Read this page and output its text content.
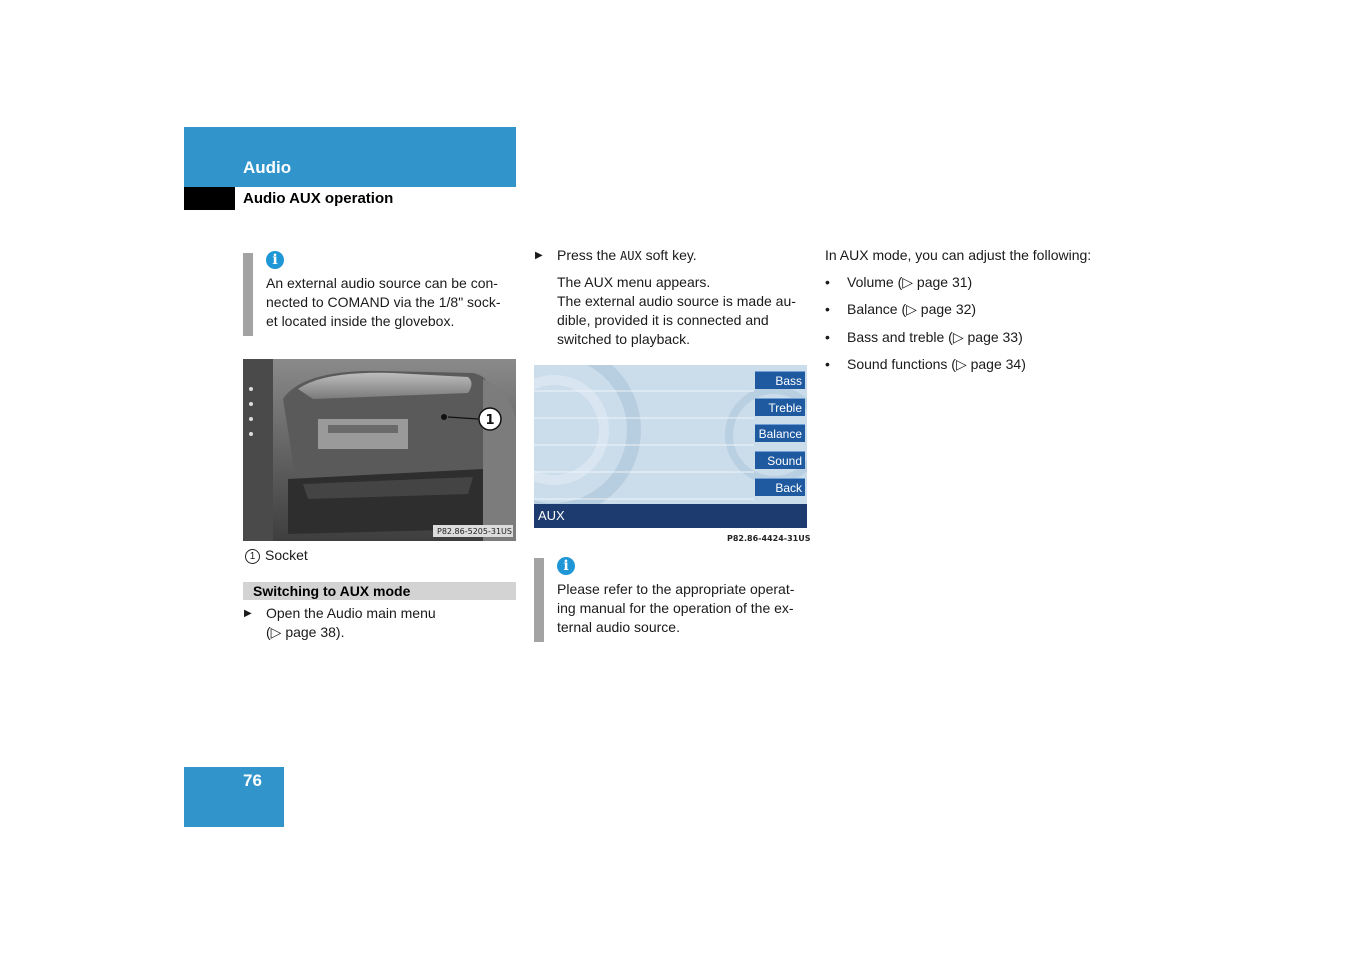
Audio
Audio AUX operation
i
An external audio source can be con-
nected to COMAND via the 1/8" sock-
et located inside the glovebox.
1
P82.86-5205-31US
1 Socket
Switching to AUX mode
▶ Open the Audio main menu
(▷ page 38).
▶ Press the AUX soft key.
The AUX menu appears.
The external audio source is made au-
dible, provided it is connected and
switched to playback.
Bass
Treble
Balance
Sound
Back
AUX
P82.86-4424-31US
i
Please refer to the appropriate operat-
ing manual for the operation of the ex-
ternal audio source.
In AUX mode, you can adjust the following:
• Volume (▷ page 31)
• Balance (▷ page 32)
• Bass and treble (▷ page 33)
• Sound functions (▷ page 34)
76
